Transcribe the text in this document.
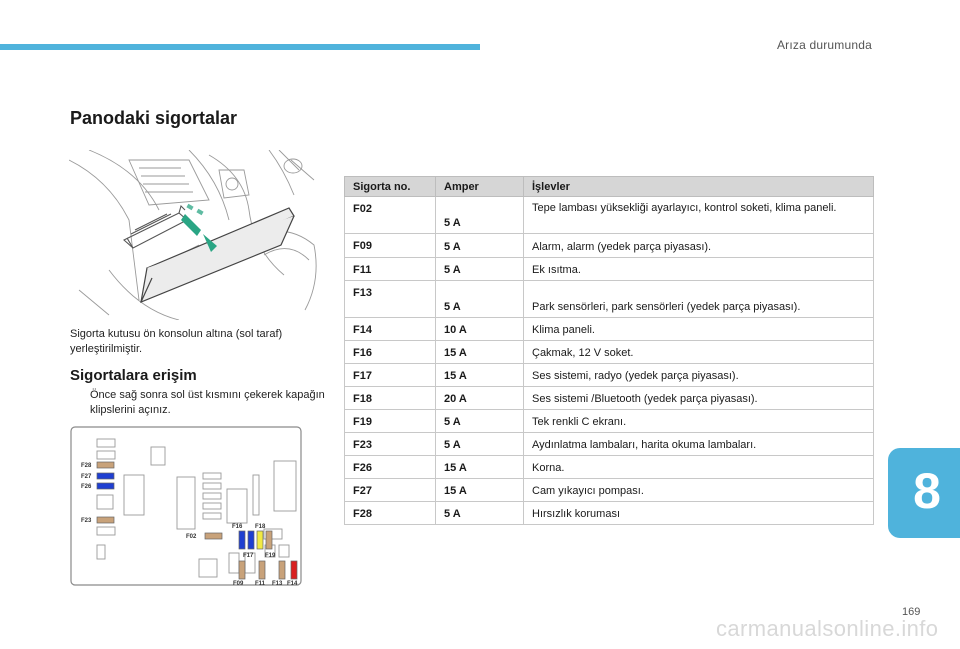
Arıza durumunda
Panodaki sigortalar
Sigorta kutusu ön konsolun altına (sol taraf) yerleştirilmiştir.
Sigortalara erişim
Önce sağ sonra sol üst kısmını çekerek kapağın klipslerini açınız.
F28
F27
F26
F23
F02
F16 F18
F17 F19
F09 F11 F13 F14
Sigorta no.	Amper	İşlevler
F02	5 A	Tepe lambası yüksekliği ayarlayıcı, kontrol soketi, klima paneli.
F09	5 A	Alarm, alarm (yedek parça piyasası).
F11	5 A	Ek ısıtma.
F13	5 A	Park sensörleri, park sensörleri (yedek parça piyasası).
F14	10 A	Klima paneli.
F16	15 A	Çakmak, 12 V soket.
F17	15 A	Ses sistemi, radyo (yedek parça piyasası).
F18	20 A	Ses sistemi /Bluetooth (yedek parça piyasası).
F19	5 A	Tek renkli C ekranı.
F23	5 A	Aydınlatma lambaları, harita okuma lambaları.
F26	15 A	Korna.
F27	15 A	Cam yıkayıcı pompası.
F28	5 A	Hırsızlık koruması	8
169
carmanualsonline.info
